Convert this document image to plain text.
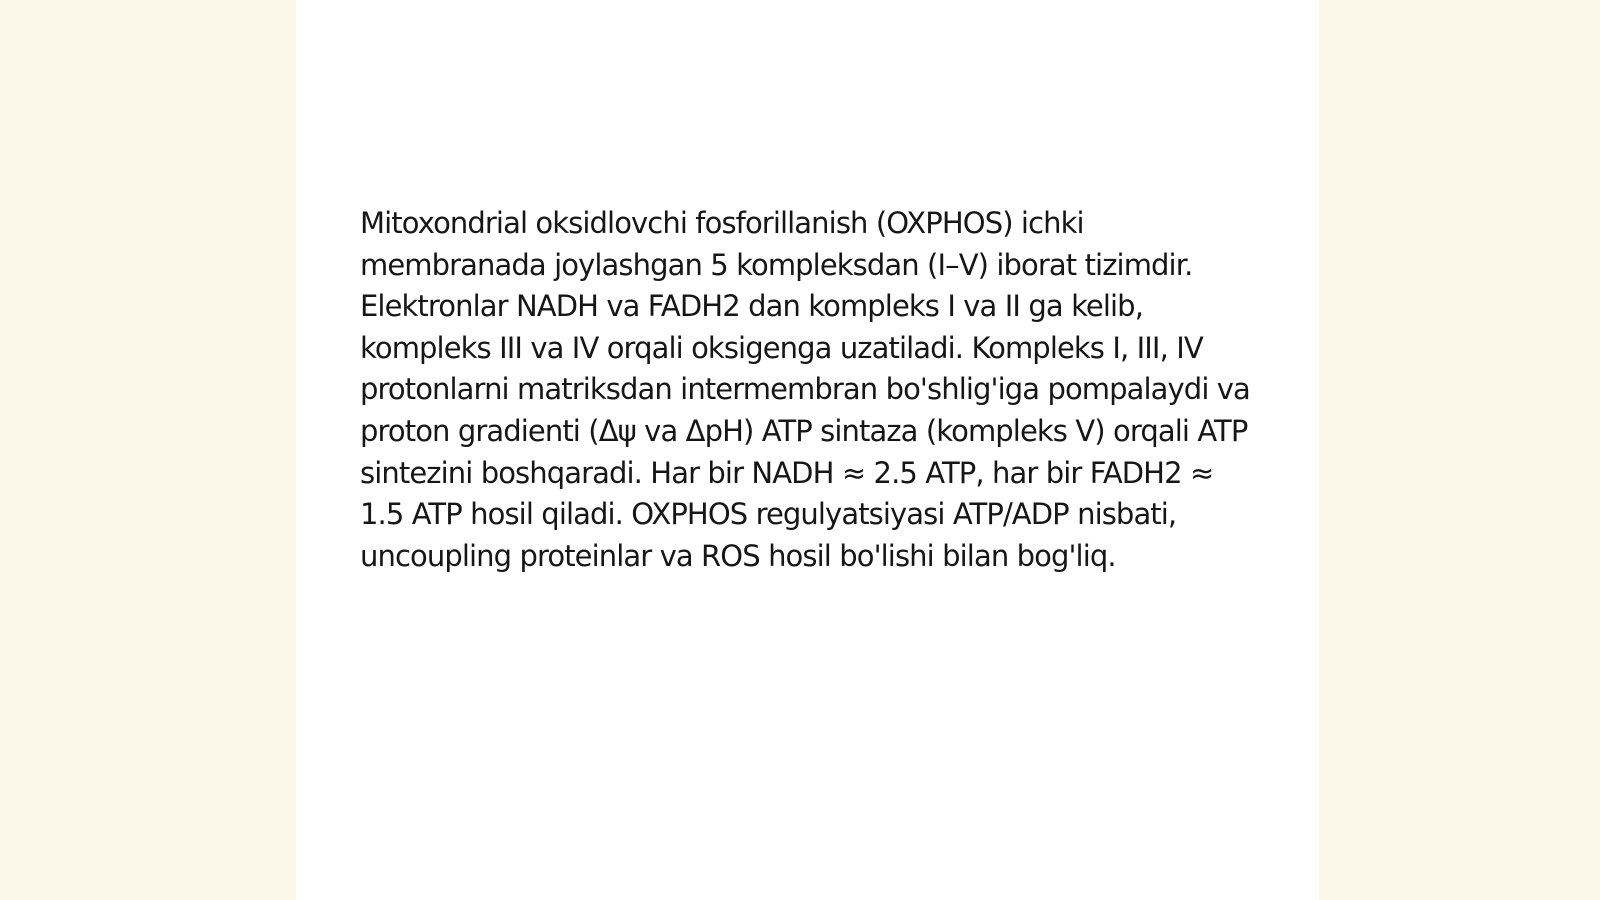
Mitoxondrial oksidlovchi fosforillanish (OXPHOS) ichki membranada joylashgan 5 kompleksdan (I–V) iborat tizimdir. Elektronlar NADH va FADH2 dan kompleks I va II ga kelib, kompleks III va IV orqali oksigenga uzatiladi. Kompleks I, III, IV protonlarni matriksdan intermembran bo'shlig'iga pompalaydi va proton gradienti (Δψ va ΔpH) ATP sintaza (kompleks V) orqali ATP sintezini boshqaradi. Har bir NADH ≈ 2.5 ATP, har bir FADH2 ≈ 1.5 ATP hosil qiladi. OXPHOS regulyatsiyasi ATP/ADP nisbati, uncoupling proteinlar va ROS hosil bo'lishi bilan bog'liq.
